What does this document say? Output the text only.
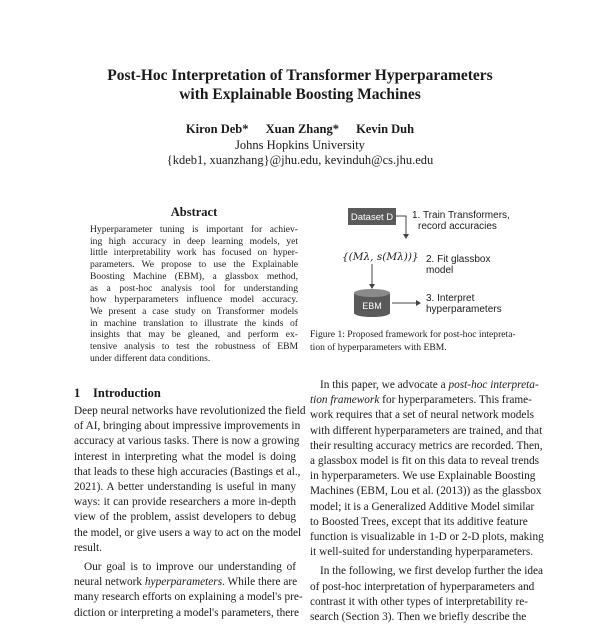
Post-Hoc Interpretation of Transformer Hyperparameters
with Explainable Boosting Machines
Kiron Deb* Xuan Zhang* Kevin Duh
Johns Hopkins University
{kdeb1, xuanzhang}@jhu.edu, kevinduh@cs.jhu.edu
Abstract
Hyperparameter tuning is important for achiev-
ing high accuracy in deep learning models, yet
little interpretability work has focused on hyper-
parameters. We propose to use the Explainable
Boosting Machine (EBM), a glassbox method,
as a post-hoc analysis tool for understanding
how hyperparameters influence model accuracy.
We present a case study on Transformer models
in machine translation to illustrate the kinds of
insights that may be gleaned, and perform ex-
tensive analysis to test the robustness of EBM
under different data conditions.
Dataset D 1. Train Transformers,
record accuracies
{(Mλ, s(Mλ))} 2. Fit glassbox
model
EBM
3. Interpret
hyperparameters
Figure 1: Proposed framework for post-hoc intepreta-
tion of hyperparameters with EBM.
1 Introduction
Deep neural networks have revolutionized the field
of AI, bringing about impressive improvements in
accuracy at various tasks. There is now a growing
interest in interpreting what the model is doing
that leads to these high accuracies (Bastings et al.,
2021). A better understanding is useful in many
ways: it can provide researchers a more in-depth
view of the problem, assist developers to debug
the model, or give users a way to act on the model
result.
Our goal is to improve our understanding of
neural network hyperparameters. While there are
many research efforts on explaining a model's pre-
diction or interpreting a model's parameters, there
In this paper, we advocate a post-hoc interpreta-
tion framework for hyperparameters. This frame-
work requires that a set of neural network models
with different hyperparameters are trained, and that
their resulting accuracy metrics are recorded. Then,
a glassbox model is fit on this data to reveal trends
in hyperparameters. We use Explainable Boosting
Machines (EBM, Lou et al. (2013)) as the glassbox
model; it is a Generalized Additive Model similar
to Boosted Trees, except that its additive feature
function is visualizable in 1-D or 2-D plots, making
it well-suited for understanding hyperparameters.
In the following, we first develop further the idea
of post-hoc interpretation of hyperparameters and
contrast it with other types of interpretability re-
search (Section 3). Then we briefly describe the
